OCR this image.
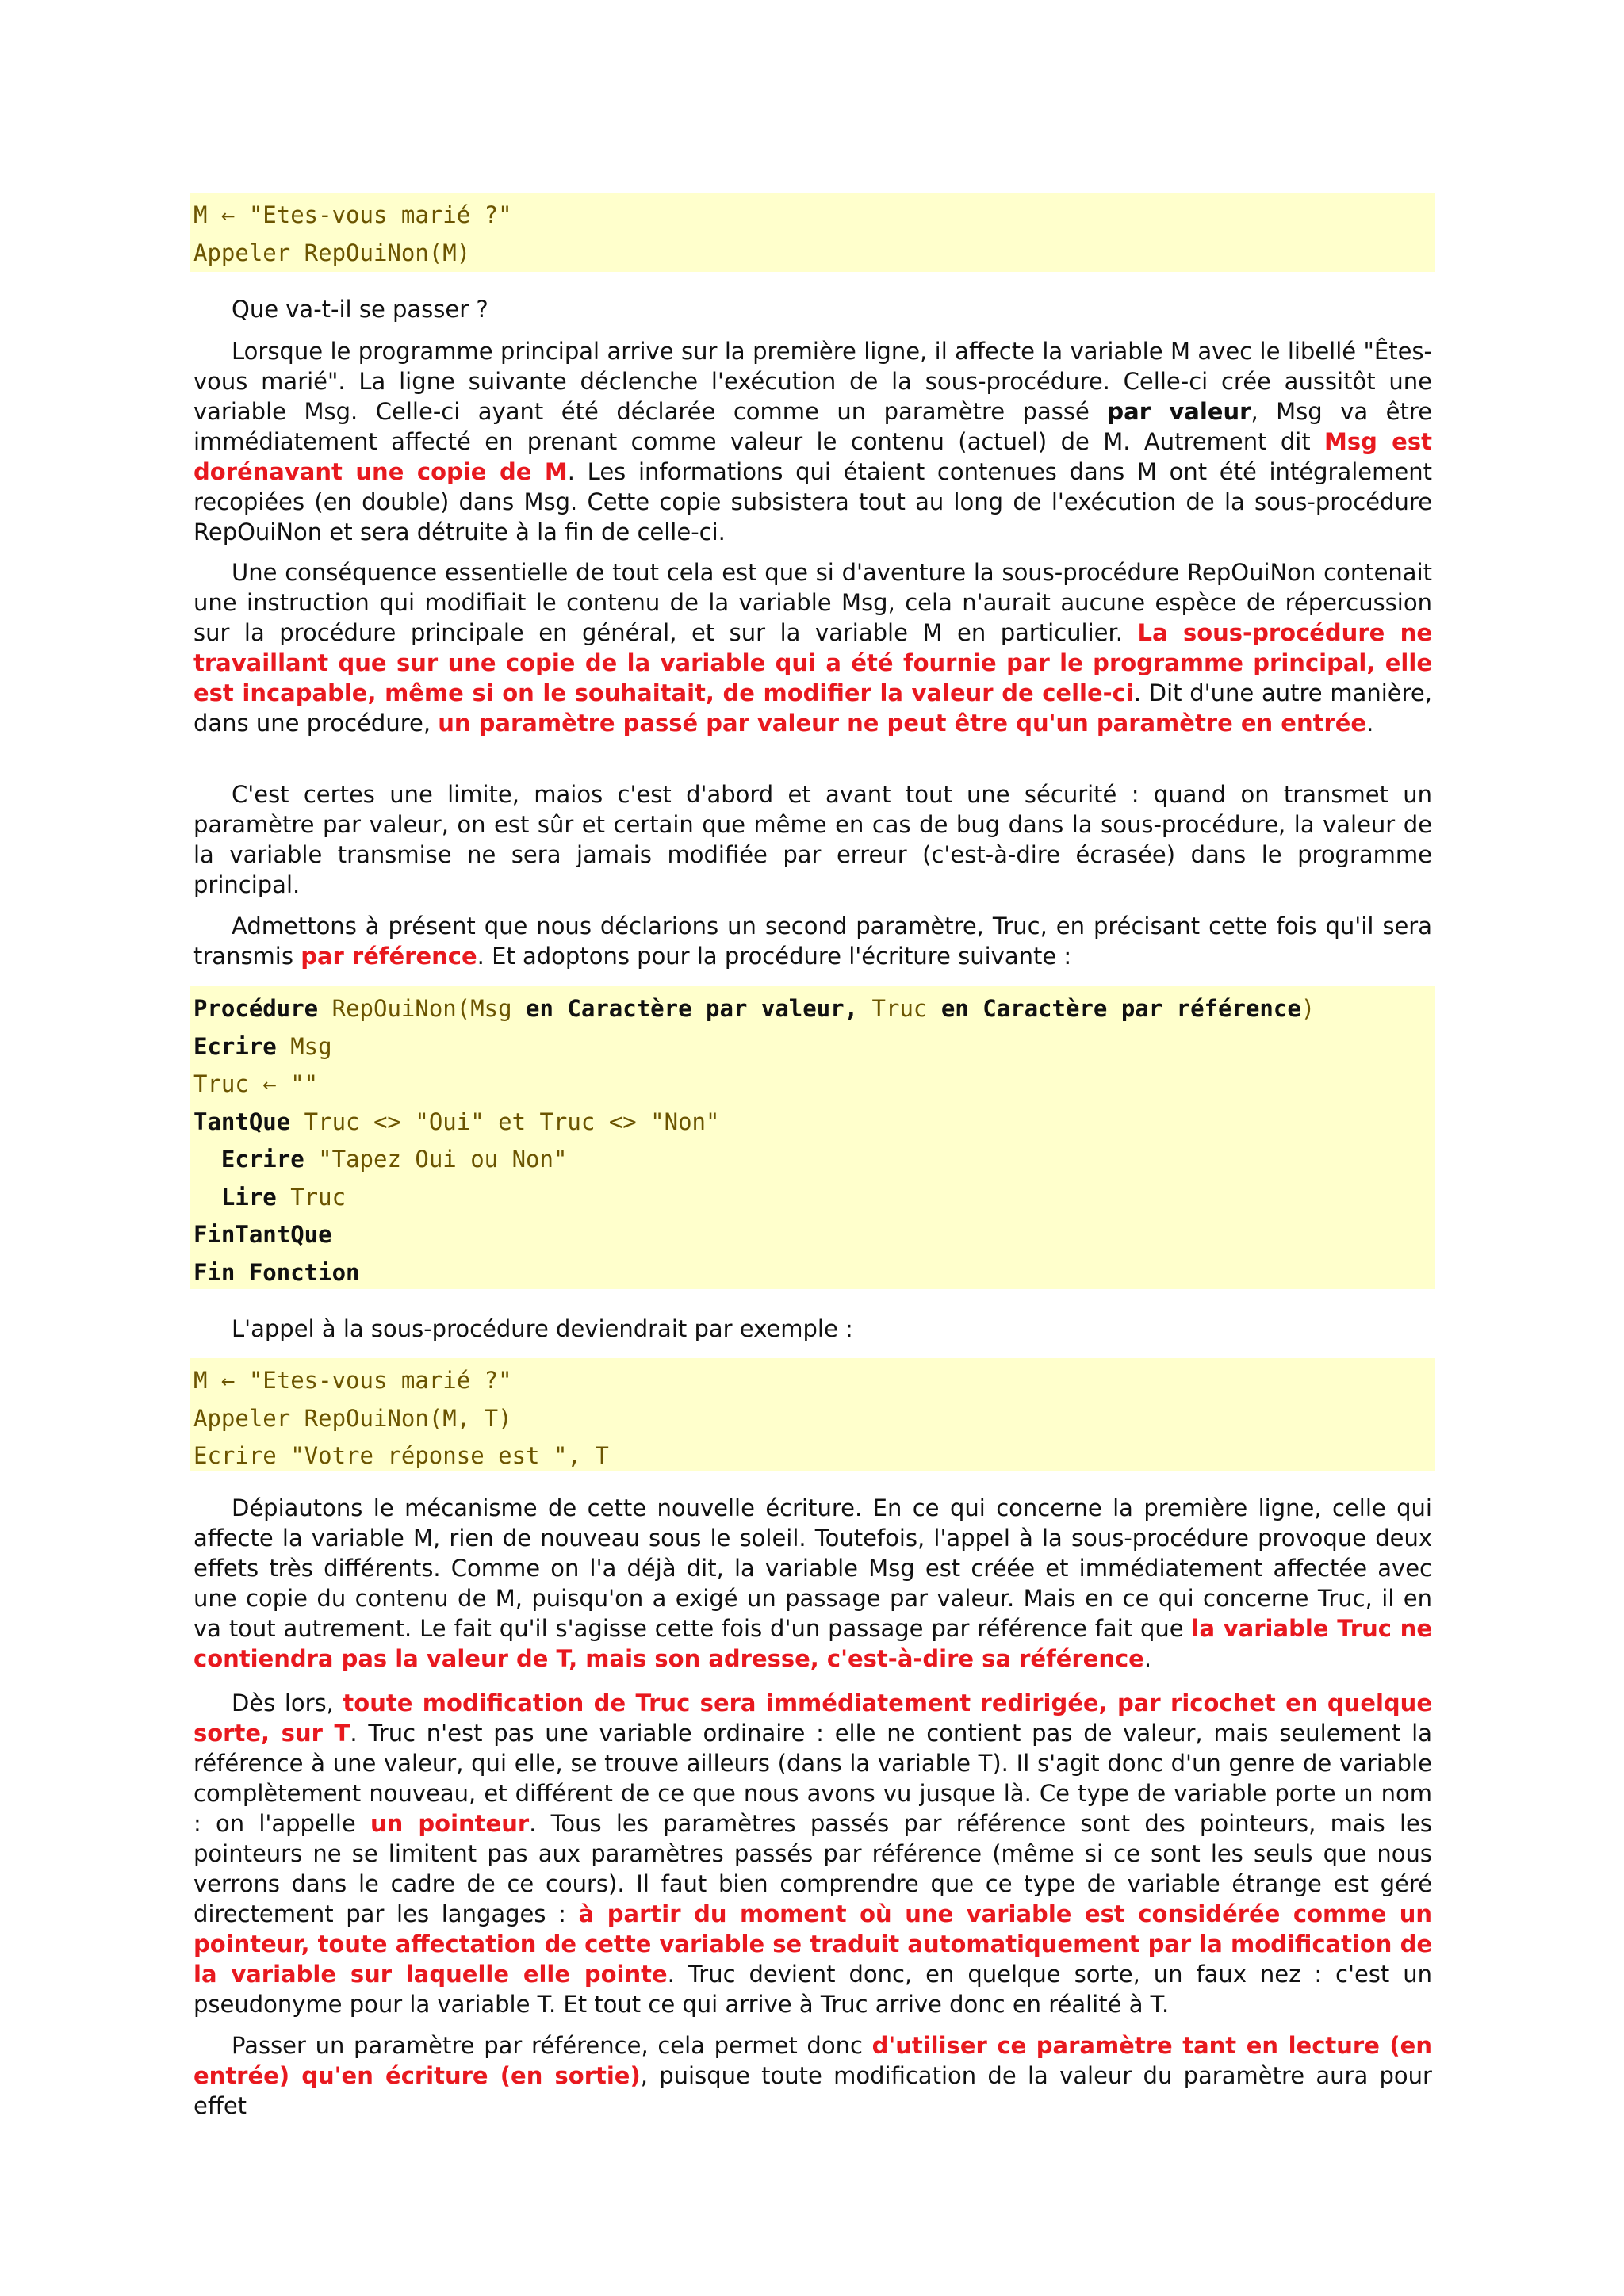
M ← "Etes-vous marié ?"
Appeler RepOuiNon(M)

Que va-t-il se passer ?

Lorsque le programme principal arrive sur la première ligne, il affecte la variable M avec le libellé "Êtes-vous marié". La ligne suivante déclenche l'exécution de la sous-procédure. Celle-ci crée aussitôt une variable Msg. Celle-ci ayant été déclarée comme un paramètre passé par valeur, Msg va être immédiatement affecté en prenant comme valeur le contenu (actuel) de M. Autrement dit Msg est dorénavant une copie de M. Les informations qui étaient contenues dans M ont été intégralement recopiées (en double) dans Msg. Cette copie subsistera tout au long de l'exécution de la sous-procédure RepOuiNon et sera détruite à la fin de celle-ci.

Une conséquence essentielle de tout cela est que si d'aventure la sous-procédure RepOuiNon contenait une instruction qui modifiait le contenu de la variable Msg, cela n'aurait aucune espèce de répercussion sur la procédure principale en général, et sur la variable M en particulier. La sous-procédure ne travaillant que sur une copie de la variable qui a été fournie par le programme principal, elle est incapable, même si on le souhaitait, de modifier la valeur de celle-ci. Dit d'une autre manière, dans une procédure, un paramètre passé par valeur ne peut être qu'un paramètre en entrée.

C'est certes une limite, maios c'est d'abord et avant tout une sécurité : quand on transmet un paramètre par valeur, on est sûr et certain que même en cas de bug dans la sous-procédure, la valeur de la variable transmise ne sera jamais modifiée par erreur (c'est-à-dire écrasée) dans le programme principal.

Admettons à présent que nous déclarions un second paramètre, Truc, en précisant cette fois qu'il sera transmis par référence. Et adoptons pour la procédure l'écriture suivante :

Procédure RepOuiNon(Msg en Caractère par valeur, Truc en Caractère par référence)
Ecrire Msg
Truc ← ""
TantQue Truc <> "Oui" et Truc <> "Non"
Ecrire "Tapez Oui ou Non"
Lire Truc
FinTantQue
Fin Fonction

L'appel à la sous-procédure deviendrait par exemple :

M ← "Etes-vous marié ?"
Appeler RepOuiNon(M, T)
Ecrire "Votre réponse est ", T

Dépiautons le mécanisme de cette nouvelle écriture. En ce qui concerne la première ligne, celle qui affecte la variable M, rien de nouveau sous le soleil. Toutefois, l'appel à la sous-procédure provoque deux effets très différents. Comme on l'a déjà dit, la variable Msg est créée et immédiatement affectée avec une copie du contenu de M, puisqu'on a exigé un passage par valeur. Mais en ce qui concerne Truc, il en va tout autrement. Le fait qu'il s'agisse cette fois d'un passage par référence fait que la variable Truc ne contiendra pas la valeur de T, mais son adresse, c'est-à-dire sa référence.

Dès lors, toute modification de Truc sera immédiatement redirigée, par ricochet en quelque sorte, sur T. Truc n'est pas une variable ordinaire : elle ne contient pas de valeur, mais seulement la référence à une valeur, qui elle, se trouve ailleurs (dans la variable T). Il s'agit donc d'un genre de variable complètement nouveau, et différent de ce que nous avons vu jusque là. Ce type de variable porte un nom : on l'appelle un pointeur. Tous les paramètres passés par référence sont des pointeurs, mais les pointeurs ne se limitent pas aux paramètres passés par référence (même si ce sont les seuls que nous verrons dans le cadre de ce cours). Il faut bien comprendre que ce type de variable étrange est géré directement par les langages : à partir du moment où une variable est considérée comme un pointeur, toute affectation de cette variable se traduit automatiquement par la modification de la variable sur laquelle elle pointe. Truc devient donc, en quelque sorte, un faux nez : c'est un pseudonyme pour la variable T. Et tout ce qui arrive à Truc arrive donc en réalité à T.

Passer un paramètre par référence, cela permet donc d'utiliser ce paramètre tant en lecture (en entrée) qu'en écriture (en sortie), puisque toute modification de la valeur du paramètre aura pour effet
